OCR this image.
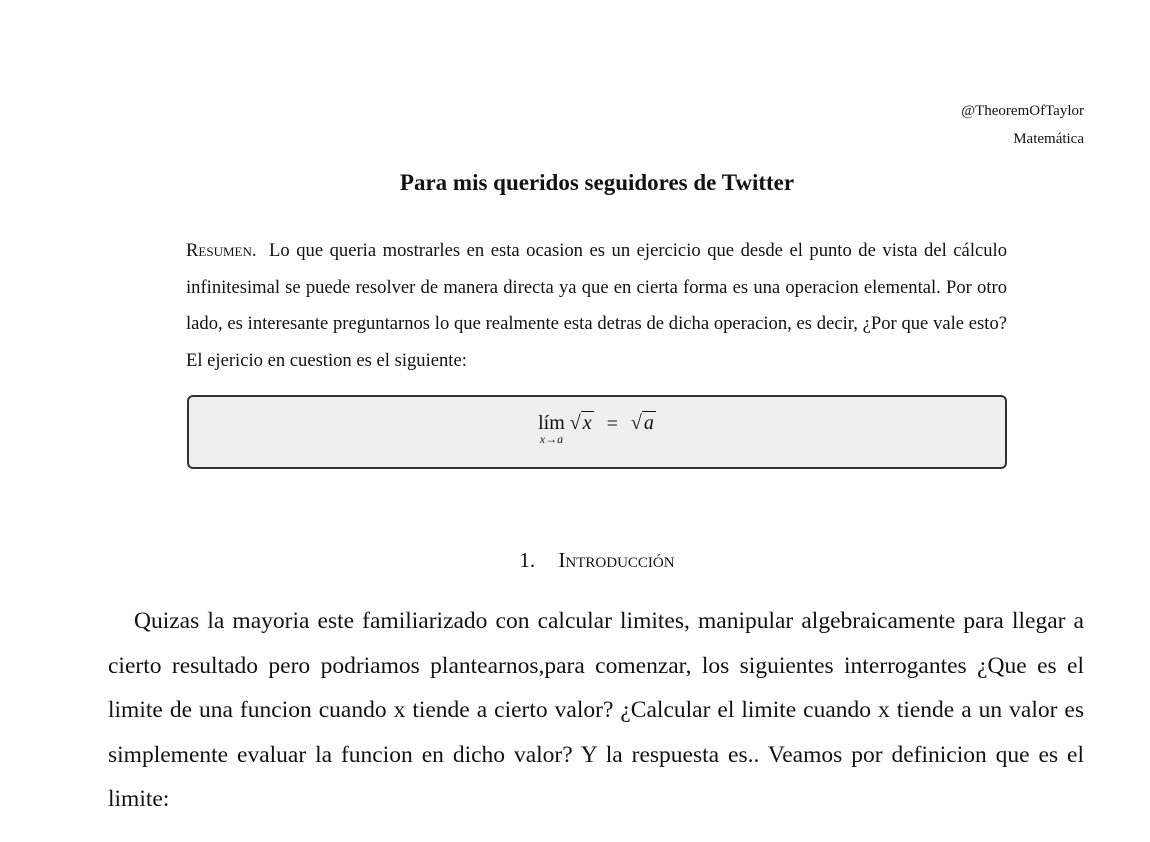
@TheoremOfTaylor
Matemática
Para mis queridos seguidores de Twitter
Resumen. Lo que queria mostrarles en esta ocasion es un ejercicio que desde el punto de vista del cálculo infinitesimal se puede resolver de manera directa ya que en cierta forma es una operacion elemental. Por otro lado, es interesante preguntarnos lo que realmente esta detras de dicha operacion, es decir, ¿Por que vale esto? El ejericio en cuestion es el siguiente:
lím
x→a
√ x = √ a
1. Introducción

Quizas la mayoria este familiarizado con calcular limites, manipular algebraicamente para llegar a cierto resultado pero podriamos plantearnos,para comenzar, los siguientes interrogantes ¿Que es el limite de una funcion cuando x tiende a cierto valor? ¿Calcular el limite cuando x tiende a un valor es simplemente evaluar la funcion en dicho valor? Y la respuesta es.. Veamos por definicion que es el limite:
